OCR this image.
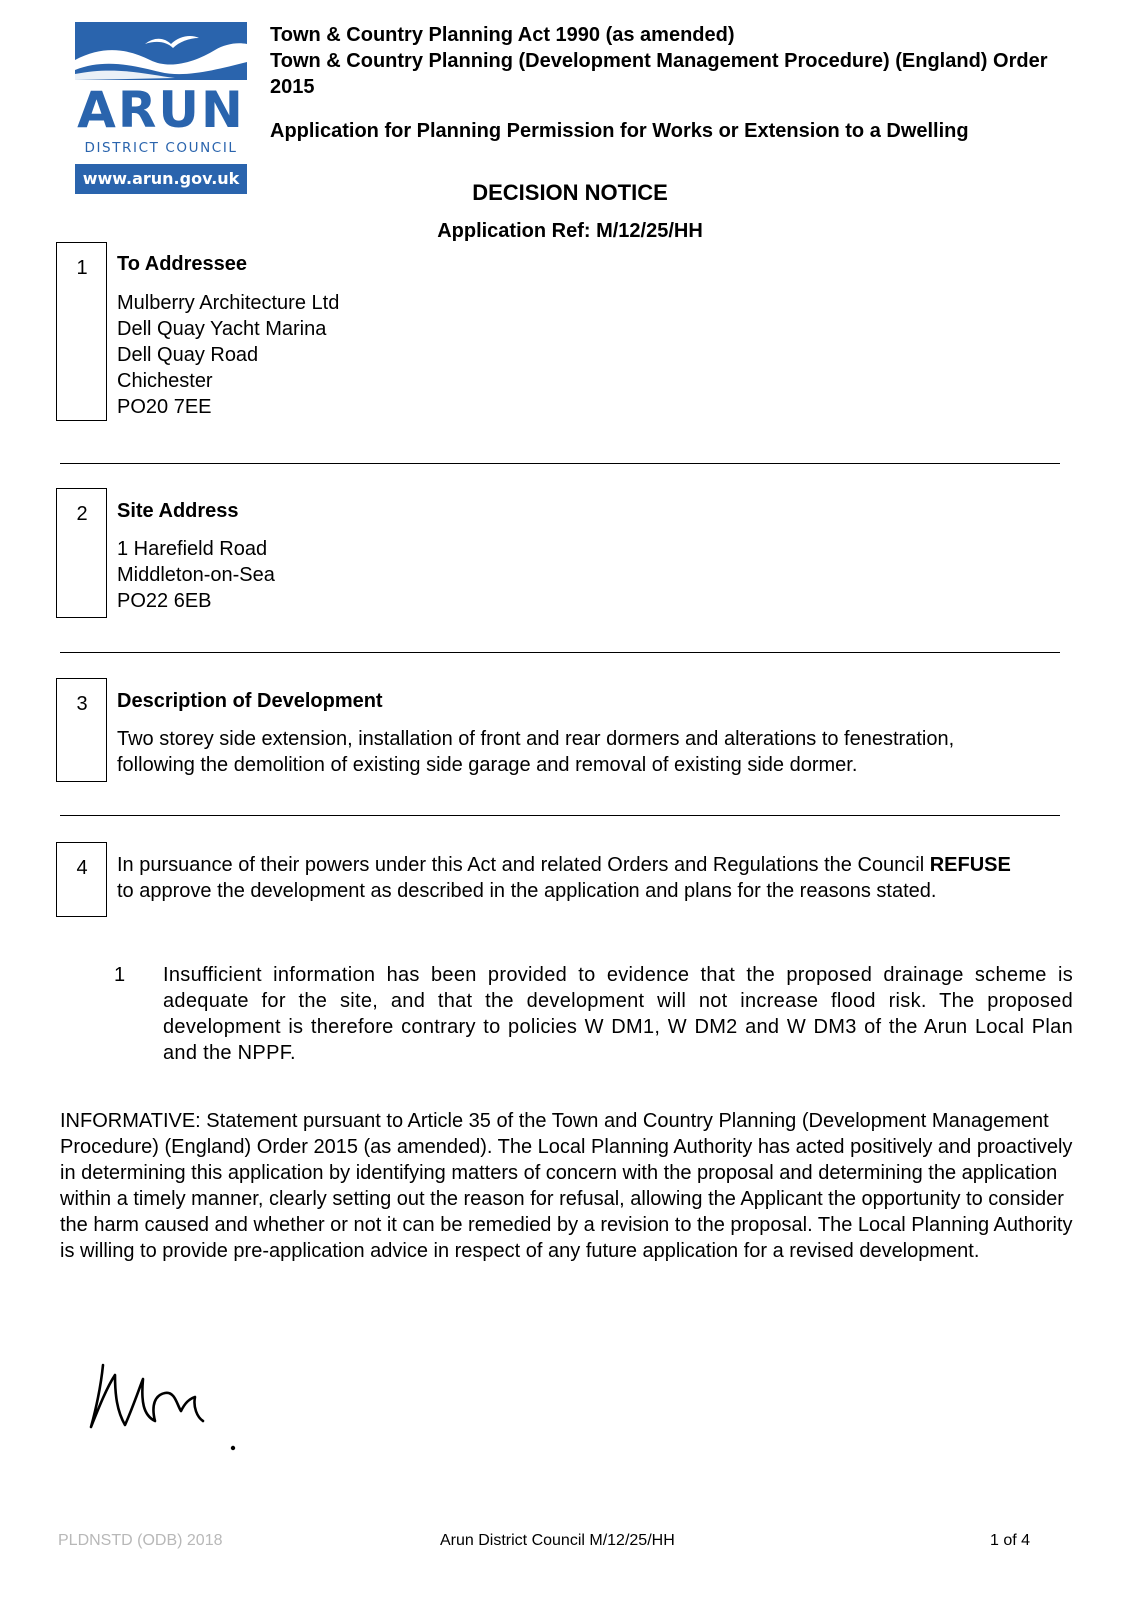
ARUN
DISTRICT COUNCIL
www.arun.gov.uk
Town & Country Planning Act 1990 (as amended)
Town & Country Planning (Development Management Procedure) (England) Order
2015
Application for Planning Permission for Works or Extension to a Dwelling
DECISION NOTICE
Application Ref: M/12/25/HH
1	To Addressee
Mulberry Architecture Ltd
Dell Quay Yacht Marina
Dell Quay Road
Chichester
PO20 7EE
2	Site Address
1 Harefield Road
Middleton-on-Sea
PO22 6EB
3	Description of Development
Two storey side extension, installation of front and rear dormers and alterations to fenestration,
following the demolition of existing side garage and removal of existing side dormer.
4	In pursuance of their powers under this Act and related Orders and Regulations the Council REFUSE
to approve the development as described in the application and plans for the reasons stated.
1 Insufficient information has been provided to evidence that the proposed drainage scheme is adequate for the site, and that the development will not increase flood risk. The proposed development is therefore contrary to policies W DM1, W DM2 and W DM3 of the Arun Local Plan and the NPPF.
INFORMATIVE: Statement pursuant to Article 35 of the Town and Country Planning (Development Management Procedure) (England) Order 2015 (as amended). The Local Planning Authority has acted positively and proactively in determining this application by identifying matters of concern with the proposal and determining the application within a timely manner, clearly setting out the reason for refusal, allowing the Applicant the opportunity to consider the harm caused and whether or not it can be remedied by a revision to the proposal. The Local Planning Authority is willing to provide pre-application advice in respect of any future application for a revised development.
PLDNSTD (ODB) 2018	Arun District Council M/12/25/HH	1 of 4
